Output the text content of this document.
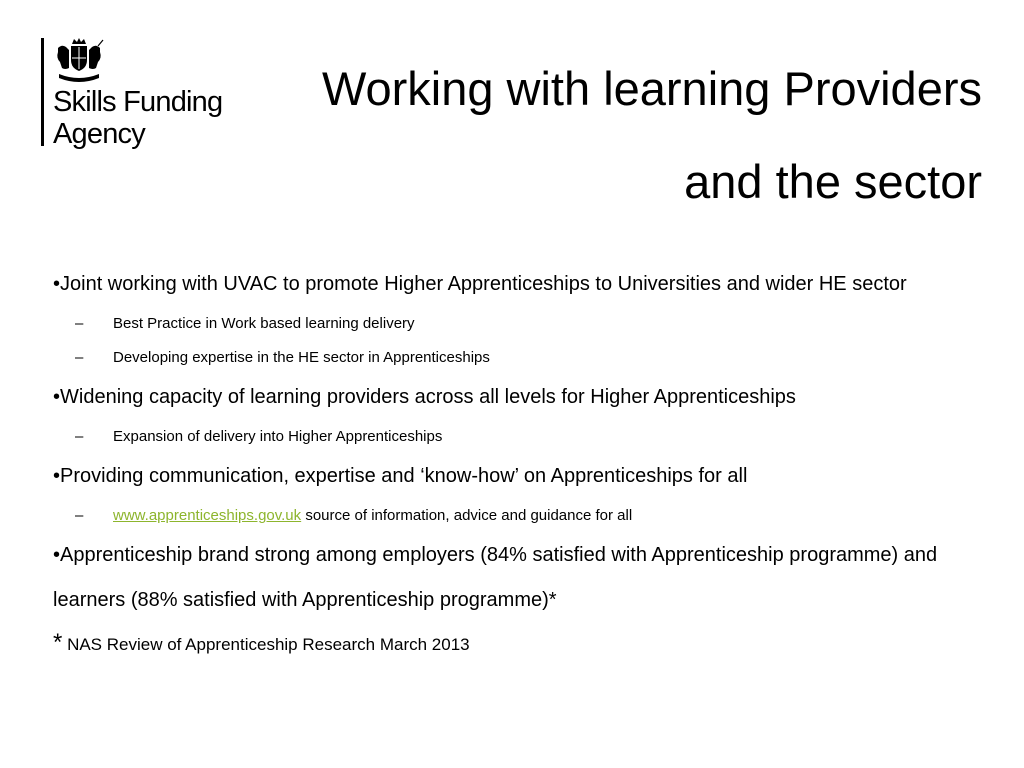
Skills Funding
Agency
Working with learning Providers
and the sector
•Joint working with UVAC to promote Higher Apprenticeships to Universities and wider HE sector
– Best Practice in Work based learning delivery
– Developing expertise in the HE sector in Apprenticeships
•Widening capacity of learning providers across all levels for Higher Apprenticeships
– Expansion of delivery into Higher Apprenticeships
•Providing communication, expertise and ‘know-how’ on Apprenticeships for all
– www.apprenticeships.gov.uk source of information, advice and guidance for all
•Apprenticeship brand strong among employers (84% satisfied with Apprenticeship programme) and learners (88% satisfied with Apprenticeship programme)*
* NAS Review of Apprenticeship Research March 2013
